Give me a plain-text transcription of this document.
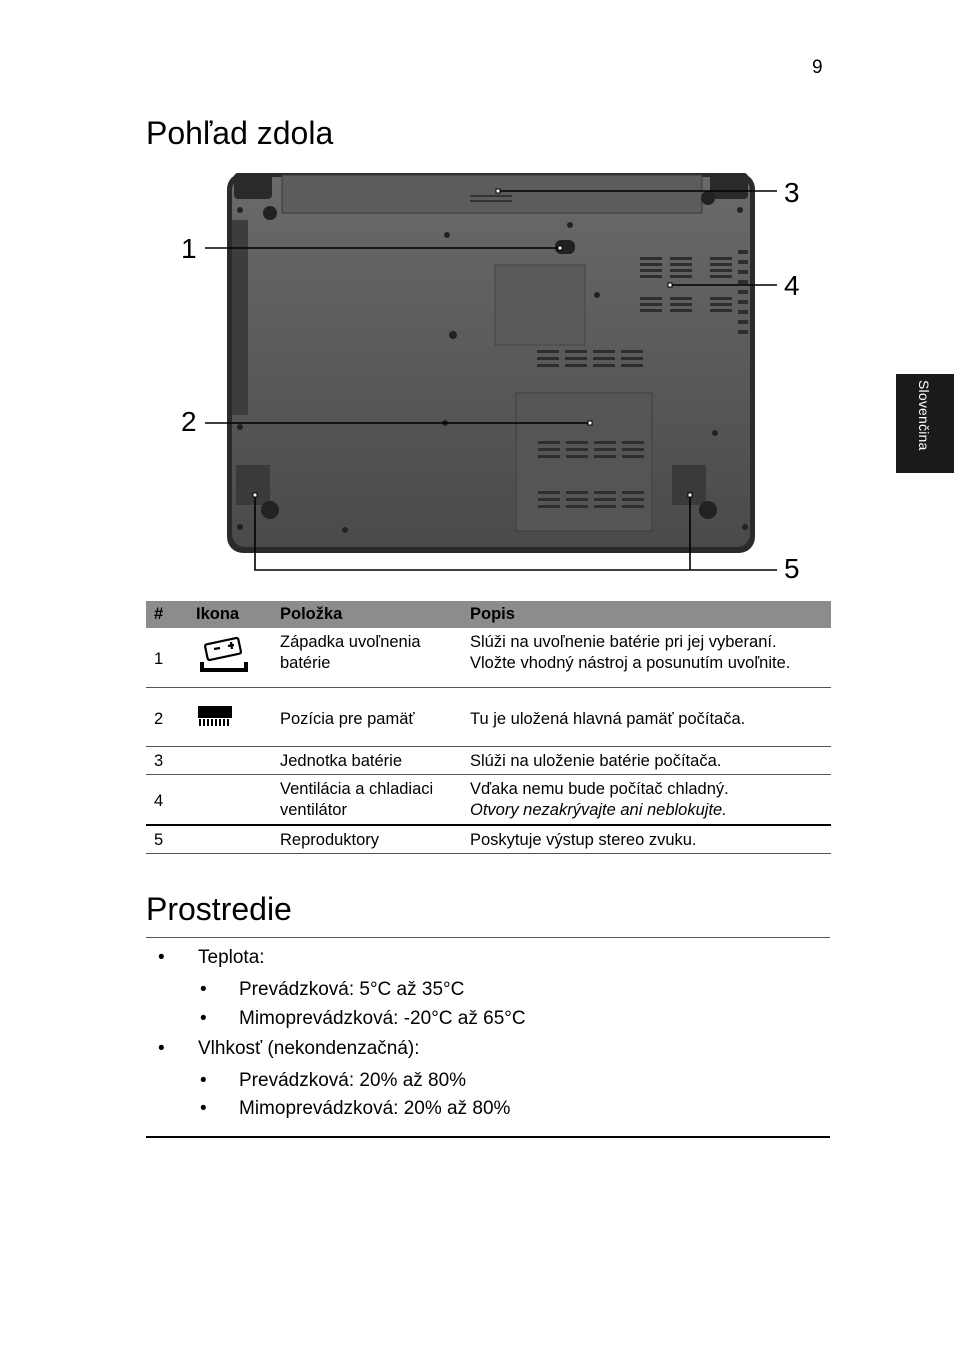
9
Slovenčina
Pohľad zdola
3
1
4
2
5
#	Ikona	Položka	Popis
1		Západka uvoľnenia batérie	Slúži na uvoľnenie batérie pri jej vyberaní.
Vložte vhodný nástroj a posunutím uvoľnite.

2		Pozícia pre pamäť	Tu je uložená hlavná pamäť počítača.
3		Jednotka batérie	Slúži na uloženie batérie počítača.
4		Ventilácia a chladiaci ventilátor	Vďaka nemu bude počítač chladný.
Otvory nezakrývajte ani neblokujte.

5		Reproduktory	Poskytuje výstup stereo zvuku.
Prostredie
• Teplota:
• Prevádzková: 5°C až 35°C
• Mimoprevádzková: -20°C až 65°C
• Vlhkosť (nekondenzačná):
• Prevádzková: 20% až 80%
• Mimoprevádzková: 20% až 80%
